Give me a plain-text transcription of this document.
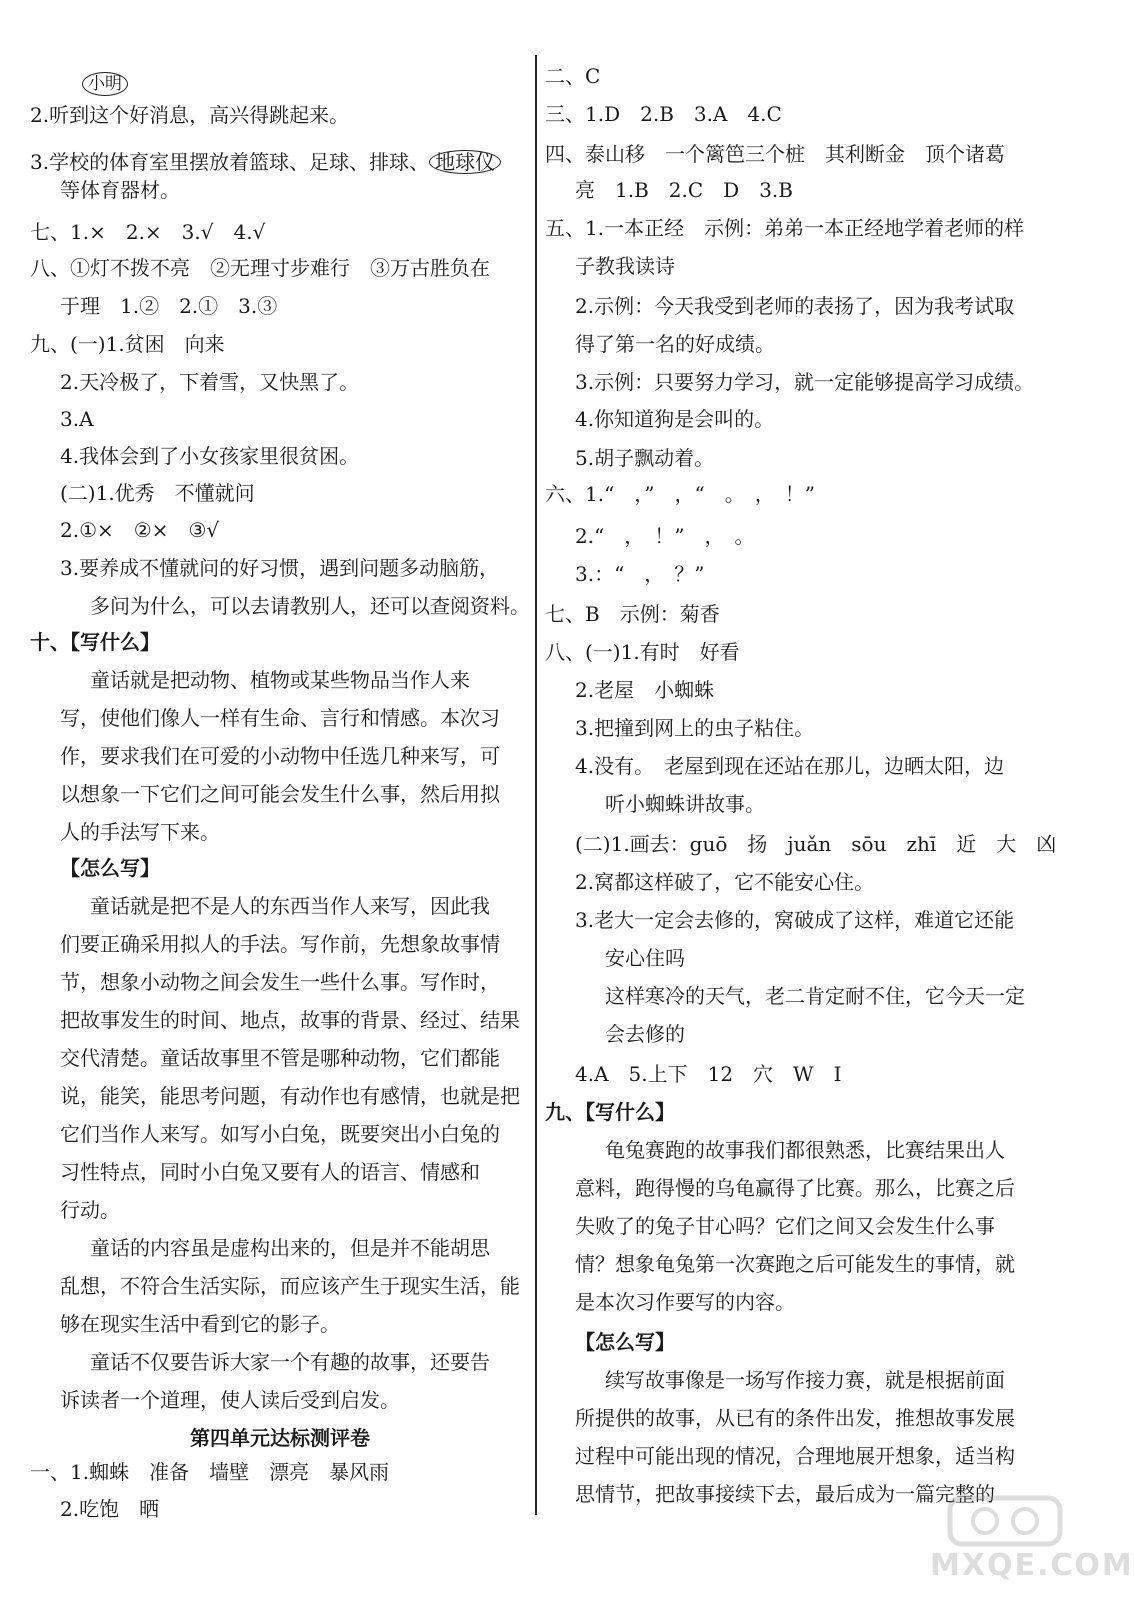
小明
2.听到这个好消息，高兴得跳起来。
3.学校的体育室里摆放着篮球、足球、排球、 地球仪
等体育器材。
七、1.×　2.×　3.√　4.√
八、①灯不拨不亮　②无理寸步难行　③万古胜负在
于理　1.②　2.①　3.③
九、(一)1.贫困　向来
2.天冷极了，下着雪，又快黑了。
3.A
4.我体会到了小女孩家里很贫困。
(二)1.优秀　不懂就问
2.①×　②×　③√
3.要养成不懂就问的好习惯，遇到问题多动脑筋，
多问为什么，可以去请教别人，还可以查阅资料。
十、【写什么】
童话就是把动物、植物或某些物品当作人来
写，使他们像人一样有生命、言行和情感。本次习
作，要求我们在可爱的小动物中任选几种来写，可
以想象一下它们之间可能会发生什么事，然后用拟
人的手法写下来。
【怎么写】
童话就是把不是人的东西当作人来写，因此我
们要正确采用拟人的手法。写作前，先想象故事情
节，想象小动物之间会发生一些什么事。写作时，
把故事发生的时间、地点，故事的背景、经过、结果
交代清楚。童话故事里不管是哪种动物，它们都能
说，能笑，能思考问题，有动作也有感情，也就是把
它们当作人来写。如写小白兔，既要突出小白兔的
习性特点，同时小白兔又要有人的语言、情感和
行动。
童话的内容虽是虚构出来的，但是并不能胡思
乱想，不符合生活实际，而应该产生于现实生活，能
够在现实生活中看到它的影子。
童话不仅要告诉大家一个有趣的故事，还要告
诉读者一个道理，使人读后受到启发。
第四单元达标测评卷
一、1.蜘蛛　准备　墙壁　漂亮　暴风雨
2.吃饱　晒
二、C
三、1.D　2.B　3.A　4.C
四、泰山移　一个篱笆三个桩　其利断金　顶个诸葛
亮　1.B　2.C　D　3.B
五、1.一本正经　示例：弟弟一本正经地学着老师的样
子教我读诗
2.示例：今天我受到老师的表扬了，因为我考试取
得了第一名的好成绩。
3.示例：只要努力学习，就一定能够提高学习成绩。
4.你知道狗是会叫的。
5.胡子飘动着。
六、1.“　，”　，“　。　，　！”
2.“　，　！”　，　。
3.：“　，　？”
七、B　示例：菊香
八、(一)1.有时　好看
2.老屋　小蜘蛛
3.把撞到网上的虫子粘住。
4.没有。　老屋到现在还站在那儿，边晒太阳，边
听小蜘蛛讲故事。
(二)1.画去：guō　扬　juǎn　sōu　zhī　近　大　凶
2.窝都这样破了，它不能安心住。
3.老大一定会去修的，窝破成了这样，难道它还能
安心住吗
这样寒冷的天气，老二肯定耐不住，它今天一定
会去修的
4.A　5.上下　12　穴　W　I
九、【写什么】
龟兔赛跑的故事我们都很熟悉，比赛结果出人
意料，跑得慢的乌龟赢得了比赛。那么，比赛之后
失败了的兔子甘心吗？它们之间又会发生什么事
情？想象龟兔第一次赛跑之后可能发生的事情，就
是本次习作要写的内容。
【怎么写】
续写故事像是一场写作接力赛，就是根据前面
所提供的故事，从已有的条件出发，推想故事发展
过程中可能出现的情况，合理地展开想象，适当构
思情节，把故事接续下去，最后成为一篇完整的
MXQE.COM
